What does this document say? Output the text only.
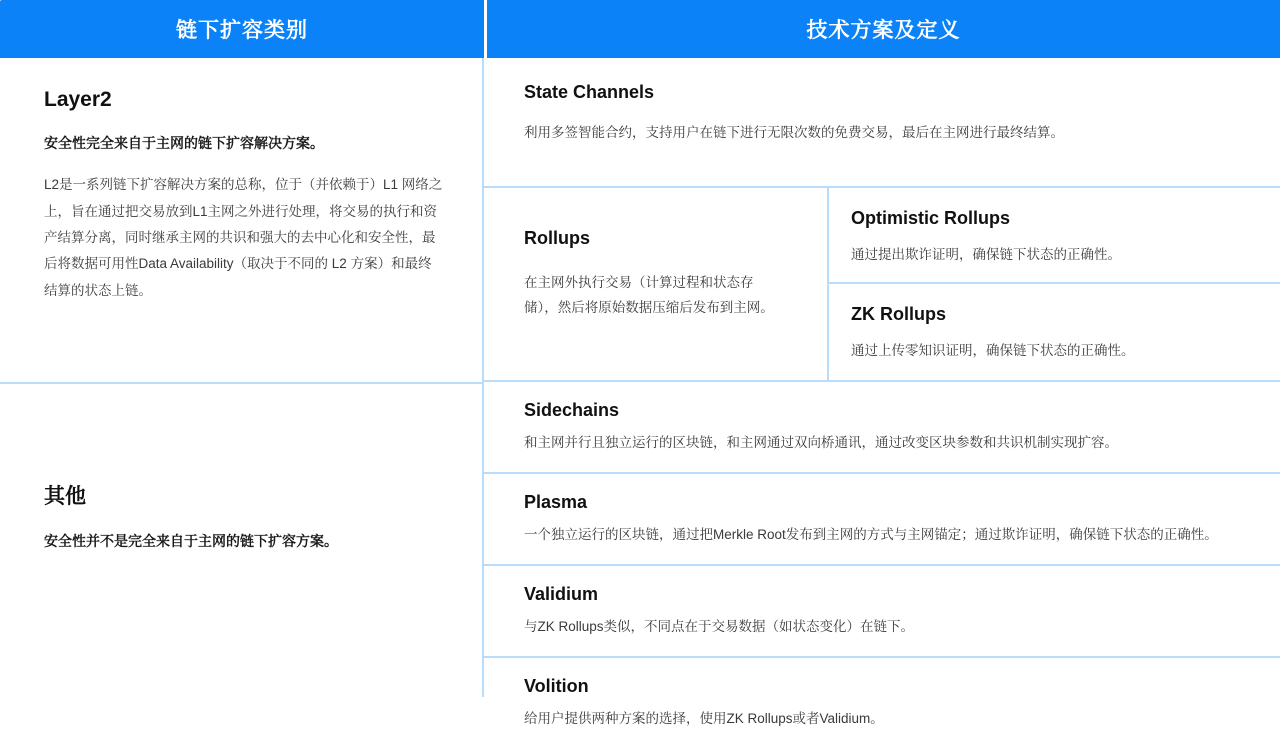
链下扩容类别	技术方案及定义
Layer2
安全性完全来自于主网的链下扩容解决方案。
L2是一系列链下扩容解决方案的总称，位于（并依赖于）L1 网络之上，旨在通过把交易放到L1主网之外进行处理，将交易的执行和资产结算分离，同时继承主网的共识和强大的去中心化和安全性，最后将数据可用性Data Availability（取决于不同的 L2 方案）和最终结算的状态上链。
其他
安全性并不是完全来自于主网的链下扩容方案。
State Channels
利用多签智能合约，支持用户在链下进行无限次数的免费交易，最后在主网进行最终结算。
Rollups
在主网外执行交易（计算过程和状态存储），然后将原始数据压缩后发布到主网。
Optimistic Rollups
通过提出欺诈证明，确保链下状态的正确性。
ZK Rollups
通过上传零知识证明，确保链下状态的正确性。
Sidechains
和主网并行且独立运行的区块链，和主网通过双向桥通讯，通过改变区块参数和共识机制实现扩容。
Plasma
一个独立运行的区块链，通过把Merkle Root发布到主网的方式与主网锚定；通过欺诈证明，确保链下状态的正确性。
Validium
与ZK Rollups类似，不同点在于交易数据（如状态变化）在链下。
Volition
给用户提供两种方案的选择，使用ZK Rollups或者Validium。
